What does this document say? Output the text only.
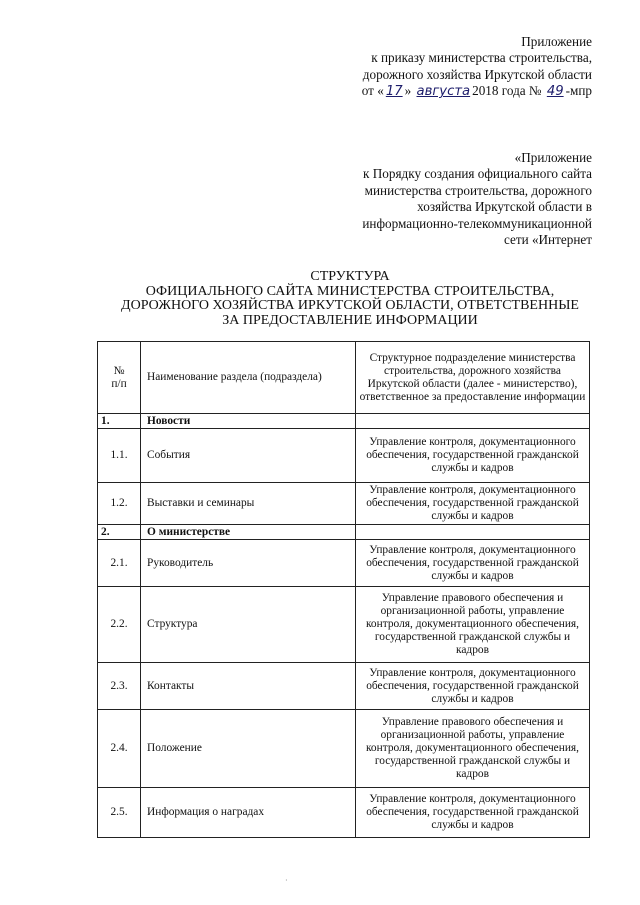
Приложение
к приказу министерства строительства,
дорожного хозяйства Иркутской области
от « 17 » августа 2018 года № 49 -мпр
«Приложение
к Порядку создания официального сайта
министерства строительства, дорожного
хозяйства Иркутской области в
информационно-телекоммуникационной
сети «Интернет
СТРУКТУРА
ОФИЦИАЛЬНОГО САЙТА МИНИСТЕРСТВА СТРОИТЕЛЬСТВА,
ДОРОЖНОГО ХОЗЯЙСТВА ИРКУТСКОЙ ОБЛАСТИ, ОТВЕТСТВЕННЫЕ
ЗА ПРЕДОСТАВЛЕНИЕ ИНФОРМАЦИИ
№
п/п	Наименование раздела (подраздела)	Структурное подразделение министерства строительства, дорожного хозяйства Иркутской области (далее - министерство), ответственное за предоставление информации
1.	Новости	
1.1.	События	Управление контроля, документационного обеспечения, государственной гражданской службы и кадров
1.2.	Выставки и семинары	Управление контроля, документационного обеспечения, государственной гражданской службы и кадров
2.	О министерстве	
2.1.	Руководитель	Управление контроля, документационного обеспечения, государственной гражданской службы и кадров
2.2.	Структура	Управление правового обеспечения и организационной работы, управление контроля, документационного обеспечения, государственной гражданской службы и кадров
2.3.	Контакты	Управление контроля, документационного обеспечения, государственной гражданской службы и кадров
2.4.	Положение	Управление правового обеспечения и организационной работы, управление контроля, документационного обеспечения, государственной гражданской службы и кадров
2.5.	Информация о наградах	Управление контроля, документационного обеспечения, государственной гражданской службы и кадров
·
